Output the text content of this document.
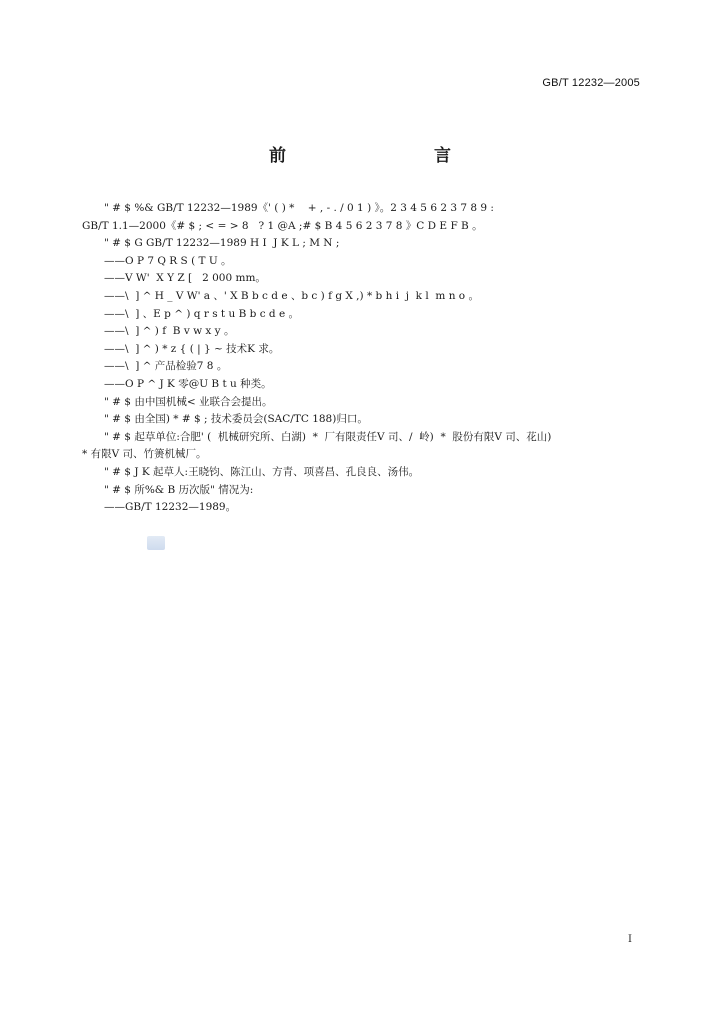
GB/T 12232—2005
前　　言
" # $ %& GB/T 12232—1989《' ( ) *    + , - . / 0 1 ) 》。2 3 4 5 6 2 3 7 8 9 :
GB/T 1.1—2000《# $ ; < = > 8   ? 1 @A ;# $ B 4 5 6 2 3 7 8 》C D E F B 。
" # $ G GB/T 12232—1989 H I  J K L ; M N ;
——O P 7 Q R S ( T U 。
——V W'  X Y Z [   2 000 mm。
——\  ] ^ H _ V W' a 、' X B b c d e 、b c ) f g X ,) * b h i  j  k l  m n o 。
——\  ] 、E p ^ ) q r s t u B b c d e 。
——\  ] ^ ) f  B v w x y 。
——\  ] ^ ) * z { ( | } ~ 技术K 求。
——\  ] ^ 产品检验7 8 。
——O P ^ J K 零@U B t u 种类。
" # $ 由中国机械< 业联合会提出。
" # $ 由全国) * # $ ; 技术委员会(SAC/TC 188)归口。
" # $ 起草单位:合肥' (  机械研究所、白湖)  *  厂有限责任V 司、/  岭)  *  股份有限V 司、花山)
* 有限V 司、竹箦机械厂。
" # $ J K 起草人:王晓钧、陈江山、方青、项喜昌、孔良良、汤伟。
" # $ 所%& B 历次版" 情况为:
——GB/T 12232—1989。
I
